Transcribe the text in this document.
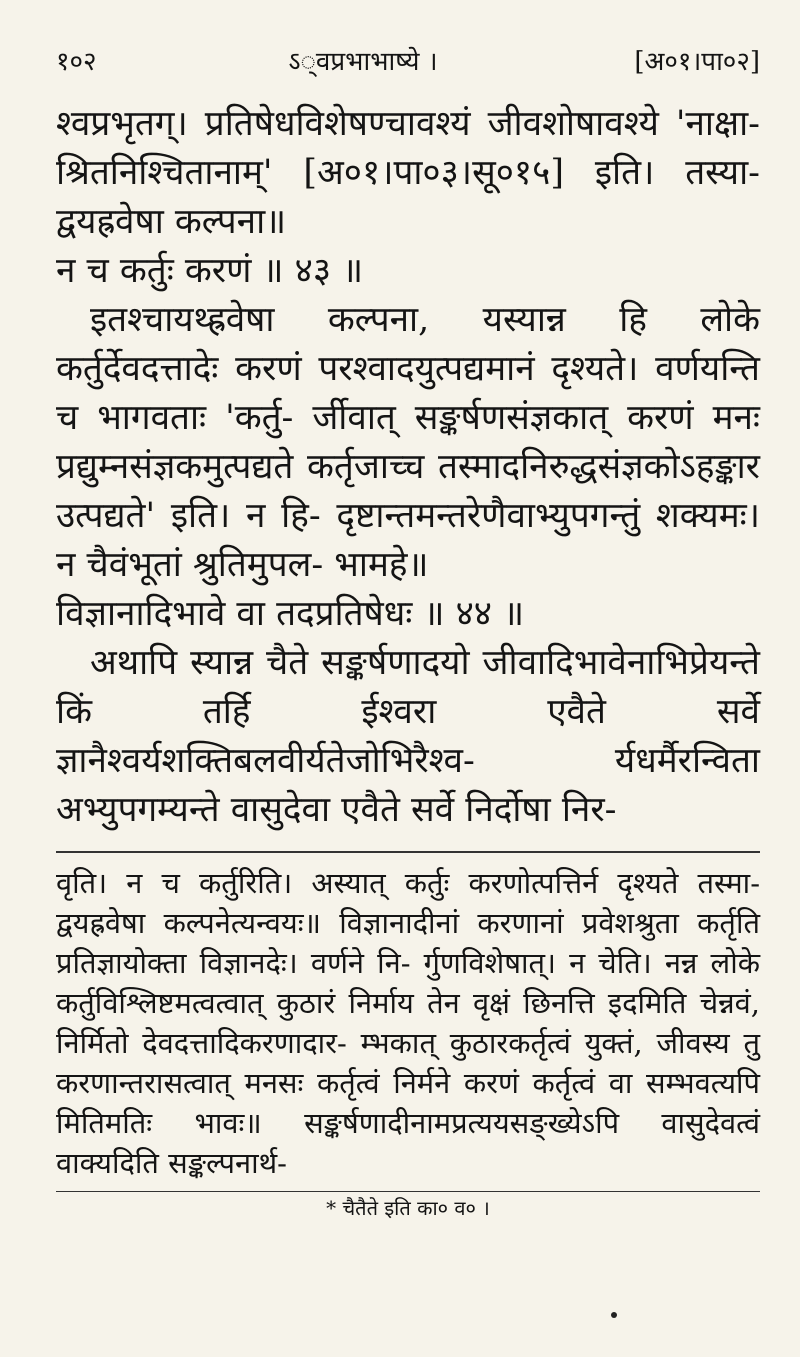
१०२	ऽ्वप्रभाभाष्ये ।	[अ०१।पा०२]

श्वप्रभृतग्। प्रतिषेधविशेषण्चावश्यं जीवशोषावश्ये 'नाक्षा- श्रितनिश्चितानाम्' [अ०१।पा०३।सू०१५] इति। तस्या- द्वयह्रवेषा कल्पना॥

न च कर्तुः करणं ॥ ४३ ॥

इतश्चायथ्ह्रवेषा कल्पना, यस्यान्न हि लोके कर्तुर्देवदत्तादेः करणं परश्वादयुत्पद्यमानं दृश्यते। वर्णयन्ति च भागवताः 'कर्तु- र्जीवात् सङ्कर्षणसंज्ञकात् करणं मनः प्रद्युम्नसंज्ञकमुत्पद्यते कर्तृजाच्च तस्मादनिरुद्धसंज्ञकोऽहङ्कार उत्पद्यते' इति। न हि- दृष्टान्तमन्तरेणैवाभ्युपगन्तुं शक्यमः। न चैवंभूतां श्रुतिमुपल- भामहे॥

विज्ञानादिभावे वा तदप्रतिषेधः ॥ ४४ ॥

अथापि स्यान्न चैते सङ्कर्षणादयो जीवादिभावेनाभिप्रेयन्ते किं तर्हि ईश्वरा एवैते सर्वे ज्ञानैश्वर्यशक्तिबलवीर्यतेजोभिरैश्व- र्यधर्मैरन्विता अभ्युपगम्यन्ते वासुदेवा एवैते सर्वे निर्दोषा निर-

वृति। न च कर्तुरिति। अस्यात् कर्तुः करणोत्पत्तिर्न दृश्यते तस्मा- द्वयह्रवेषा कल्पनेत्यन्वयः॥ विज्ञानादीनां करणानां प्रवेशश्रुता कर्तृति प्रतिज्ञायोक्ता विज्ञानदेः। वर्णने नि- र्गुणविशेषात्। न चेति। नन्न लोके कर्तुविश्लिष्टमत्वत्वात् कुठारं निर्माय तेन वृक्षं छिनत्ति इदमिति चेन्नवं, निर्मितो देवदत्तादिकरणादार- म्भकात् कुठारकर्तृत्वं युक्तं, जीवस्य तु करणान्तरासत्वात् मनसः कर्तृत्वं निर्मने करणं कर्तृत्वं वा सम्भवत्यपि मितिमतिः भावः॥ सङ्कर्षणादीनामप्रत्ययसङ्ख्येऽपि वासुदेवत्वं वाक्यदिति सङ्कल्पनार्थ-

* चैतैते इति का० व० ।
